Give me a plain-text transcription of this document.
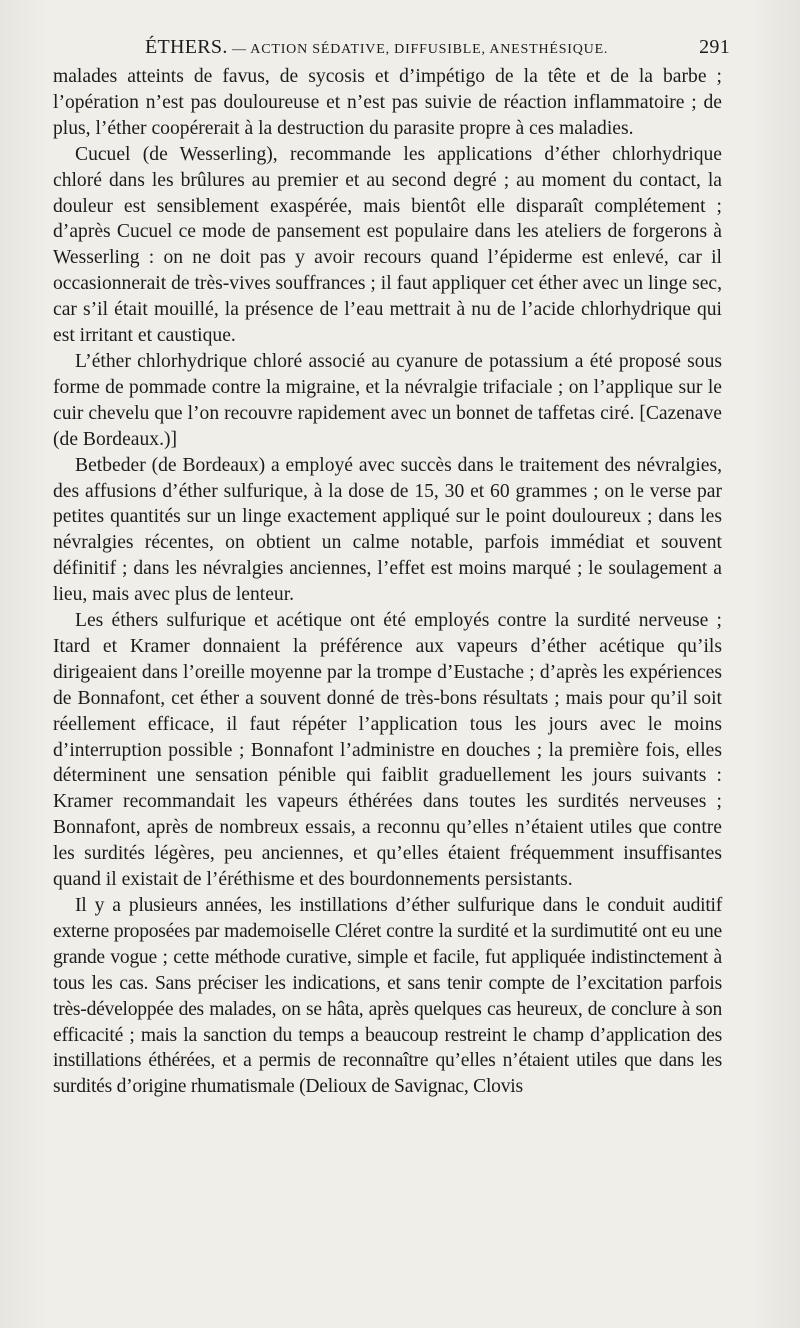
ÉTHERS. — ACTION SÉDATIVE, DIFFUSIBLE, ANESTHÉSIQUE.	291

malades atteints de favus, de sycosis et d’impétigo de la tête et de la barbe ; l’opération n’est pas douloureuse et n’est pas suivie de réaction inflammatoire ; de plus, l’éther coopérerait à la destruction du parasite propre à ces maladies.

Cucuel (de Wesserling), recommande les applications d’éther chlorhydrique chloré dans les brûlures au premier et au second degré ; au moment du contact, la douleur est sensiblement exaspérée, mais bientôt elle disparaît complétement ; d’après Cucuel ce mode de pansement est populaire dans les ateliers de forgerons à Wesserling : on ne doit pas y avoir recours quand l’épiderme est enlevé, car il occasionnerait de très-vives souffrances ; il faut appliquer cet éther avec un linge sec, car s’il était mouillé, la présence de l’eau mettrait à nu de l’acide chlorhydrique qui est irritant et caustique.

L’éther chlorhydrique chloré associé au cyanure de potassium a été proposé sous forme de pommade contre la migraine, et la névralgie trifaciale ; on l’applique sur le cuir chevelu que l’on recouvre rapidement avec un bonnet de taffetas ciré. [Cazenave (de Bordeaux.)]

Betbeder (de Bordeaux) a employé avec succès dans le traitement des névralgies, des affusions d’éther sulfurique, à la dose de 15, 30 et 60 grammes ; on le verse par petites quantités sur un linge exactement appliqué sur le point douloureux ; dans les névralgies récentes, on obtient un calme notable, parfois immédiat et souvent définitif ; dans les névralgies anciennes, l’effet est moins marqué ; le soulagement a lieu, mais avec plus de lenteur.

Les éthers sulfurique et acétique ont été employés contre la surdité nerveuse ; Itard et Kramer donnaient la préférence aux vapeurs d’éther acétique qu’ils dirigeaient dans l’oreille moyenne par la trompe d’Eustache ; d’après les expériences de Bonnafont, cet éther a souvent donné de très-bons résultats ; mais pour qu’il soit réellement efficace, il faut répéter l’application tous les jours avec le moins d’interruption possible ; Bonnafont l’administre en douches ; la première fois, elles déterminent une sensation pénible qui faiblit graduellement les jours suivants : Kramer recommandait les vapeurs éthérées dans toutes les surdités nerveuses ; Bonnafont, après de nombreux essais, a reconnu qu’elles n’étaient utiles que contre les surdités légères, peu anciennes, et qu’elles étaient fréquemment insuffisantes quand il existait de l’éréthisme et des bourdonnements persistants.

Il y a plusieurs années, les instillations d’éther sulfurique dans le conduit auditif externe proposées par mademoiselle Cléret contre la surdité et la surdimutité ont eu une grande vogue ; cette méthode curative, simple et facile, fut appliquée indistinctement à tous les cas. Sans préciser les indications, et sans tenir compte de l’excitation parfois très-développée des malades, on se hâta, après quelques cas heureux, de conclure à son efficacité ; mais la sanction du temps a beaucoup restreint le champ d’application des instillations éthérées, et a permis de reconnaître qu’elles n’étaient utiles que dans les surdités d’origine rhumatismale (Delioux de Savignac, Clovis
